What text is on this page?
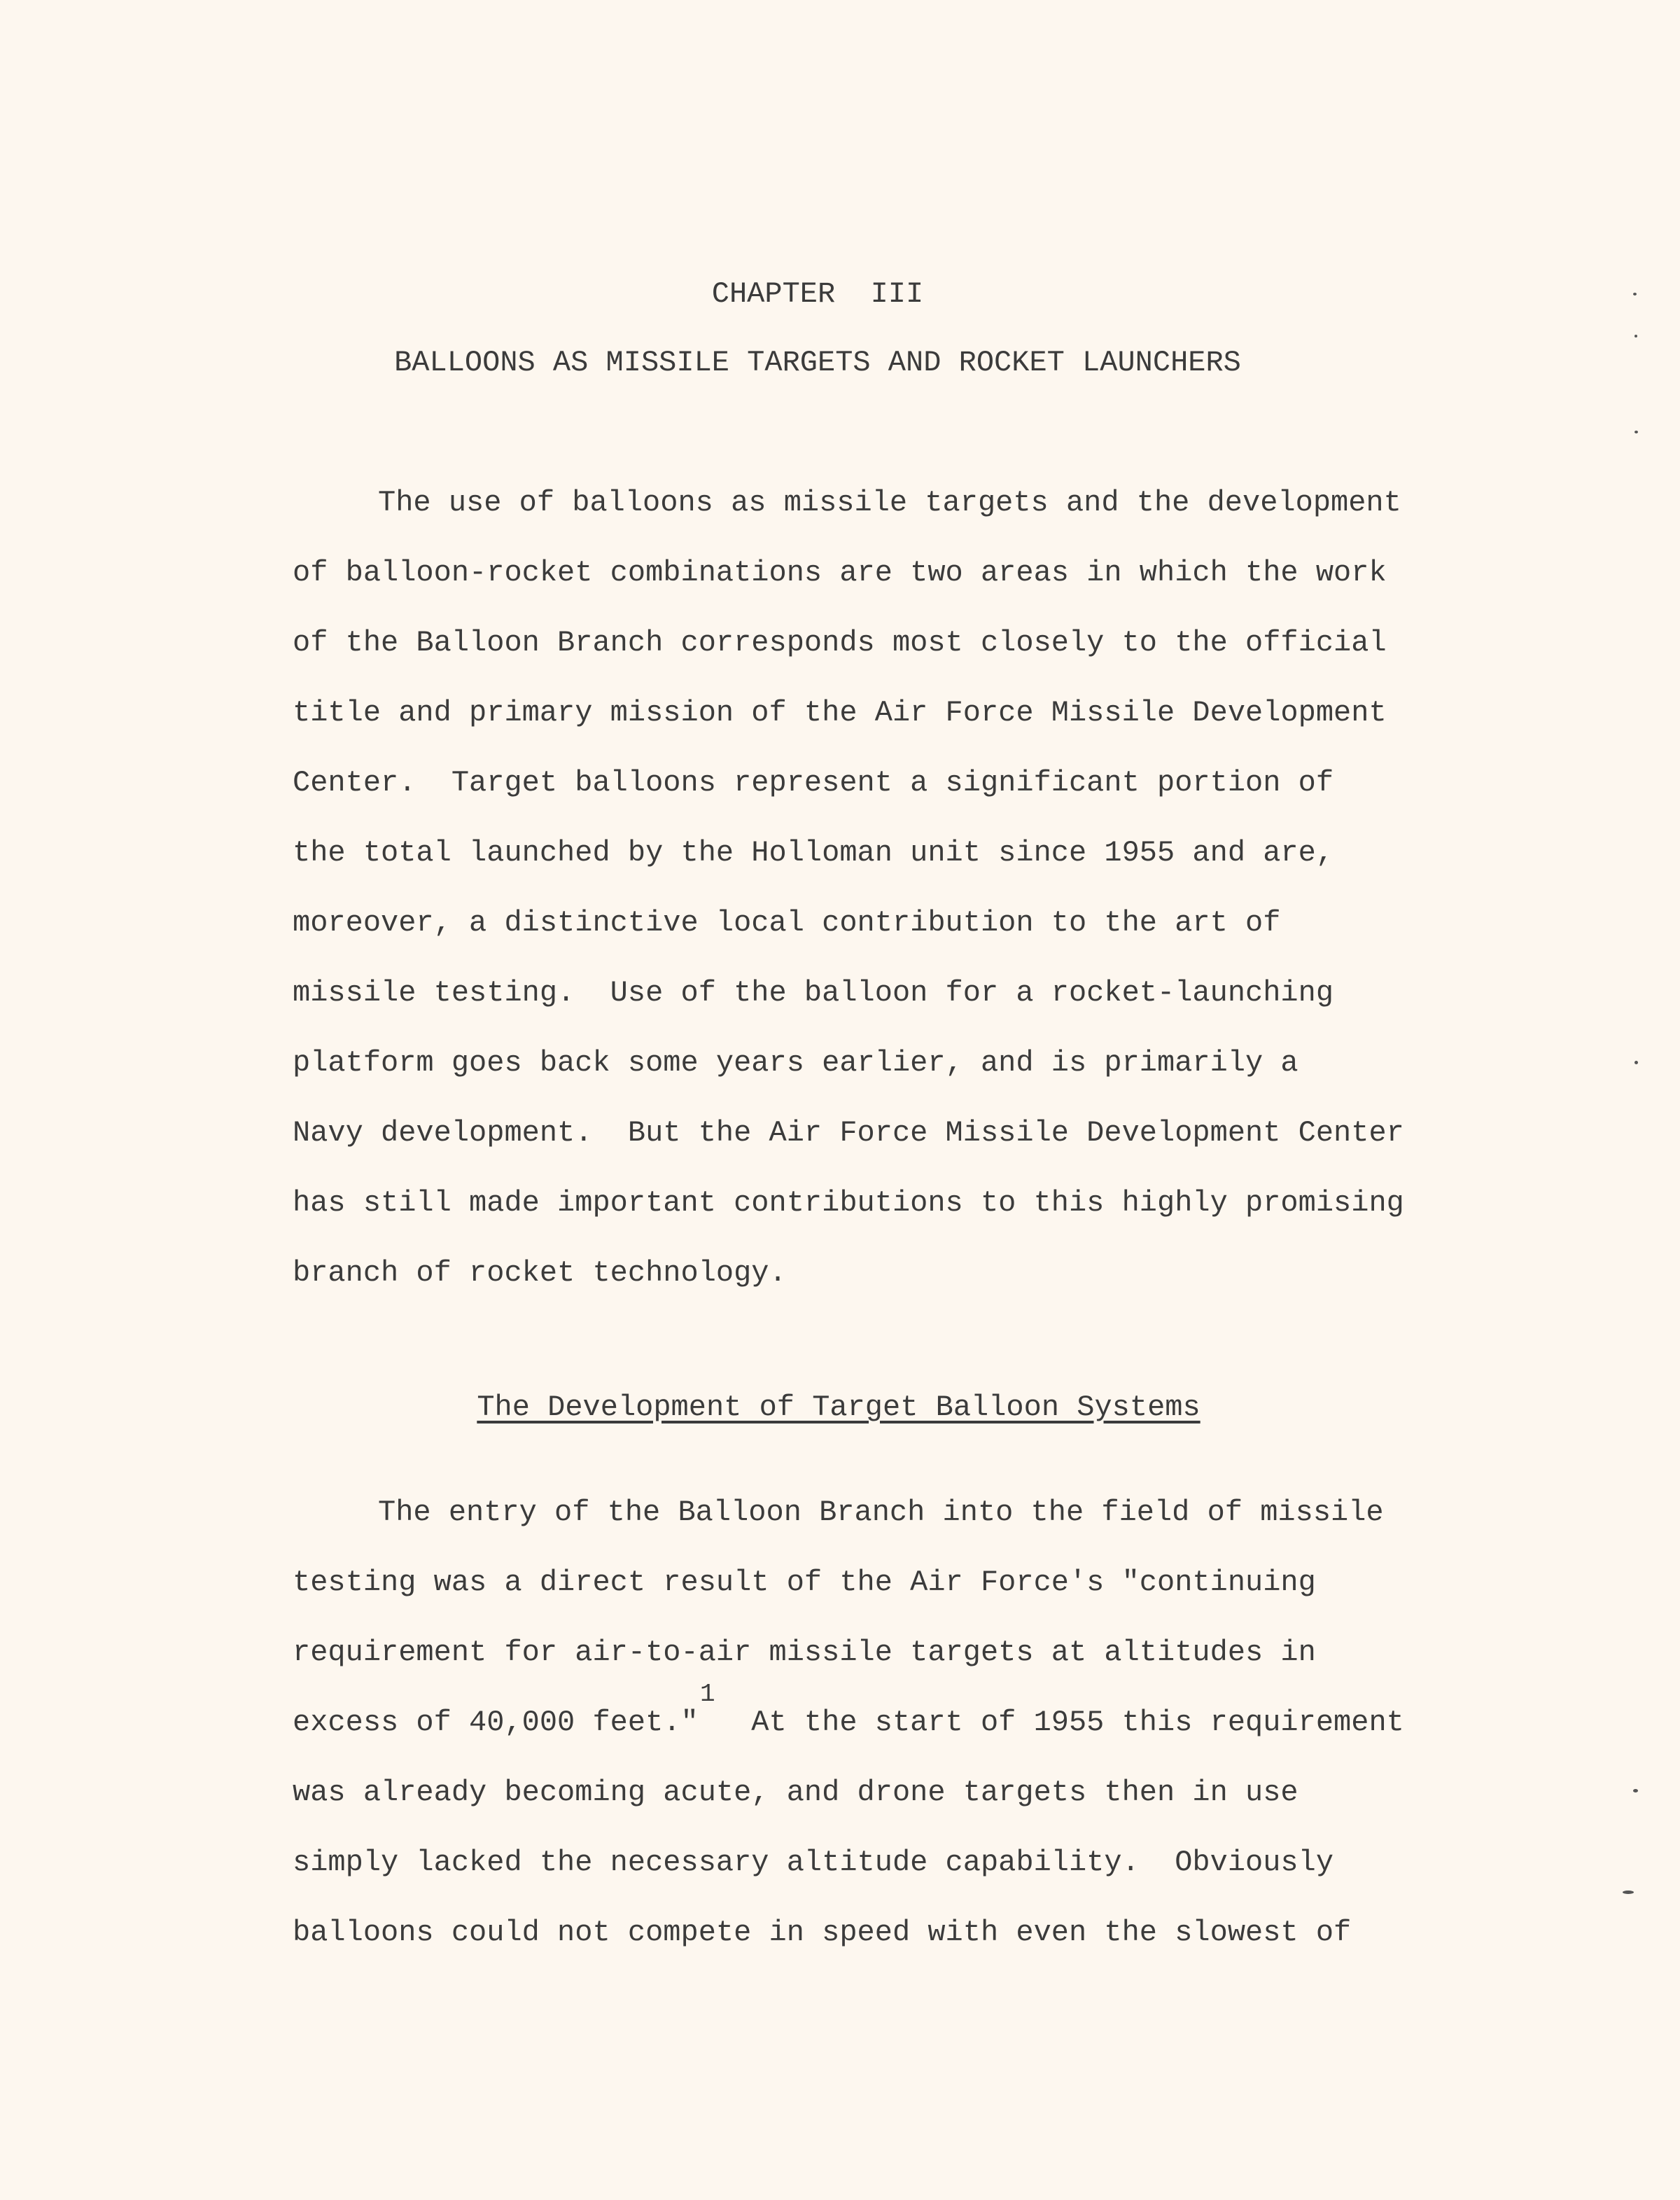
CHAPTER  III
BALLOONS AS MISSILE TARGETS AND ROCKET LAUNCHERS
The use of balloons as missile targets and the development
of balloon-rocket combinations are two areas in which the work
of the Balloon Branch corresponds most closely to the official
title and primary mission of the Air Force Missile Development
Center.  Target balloons represent a significant portion of
the total launched by the Holloman unit since 1955 and are,
moreover, a distinctive local contribution to the art of
missile testing.  Use of the balloon for a rocket-launching
platform goes back some years earlier, and is primarily a
Navy development.  But the Air Force Missile Development Center
has still made important contributions to this highly promising
branch of rocket technology.
The Development of Target Balloon Systems
The entry of the Balloon Branch into the field of missile
testing was a direct result of the Air Force's "continuing
requirement for air-to-air missile targets at altitudes in
excess of 40,000 feet."   At the start of 1955 this requirement
1
was already becoming acute, and drone targets then in use
simply lacked the necessary altitude capability.  Obviously
balloons could not compete in speed with even the slowest of
